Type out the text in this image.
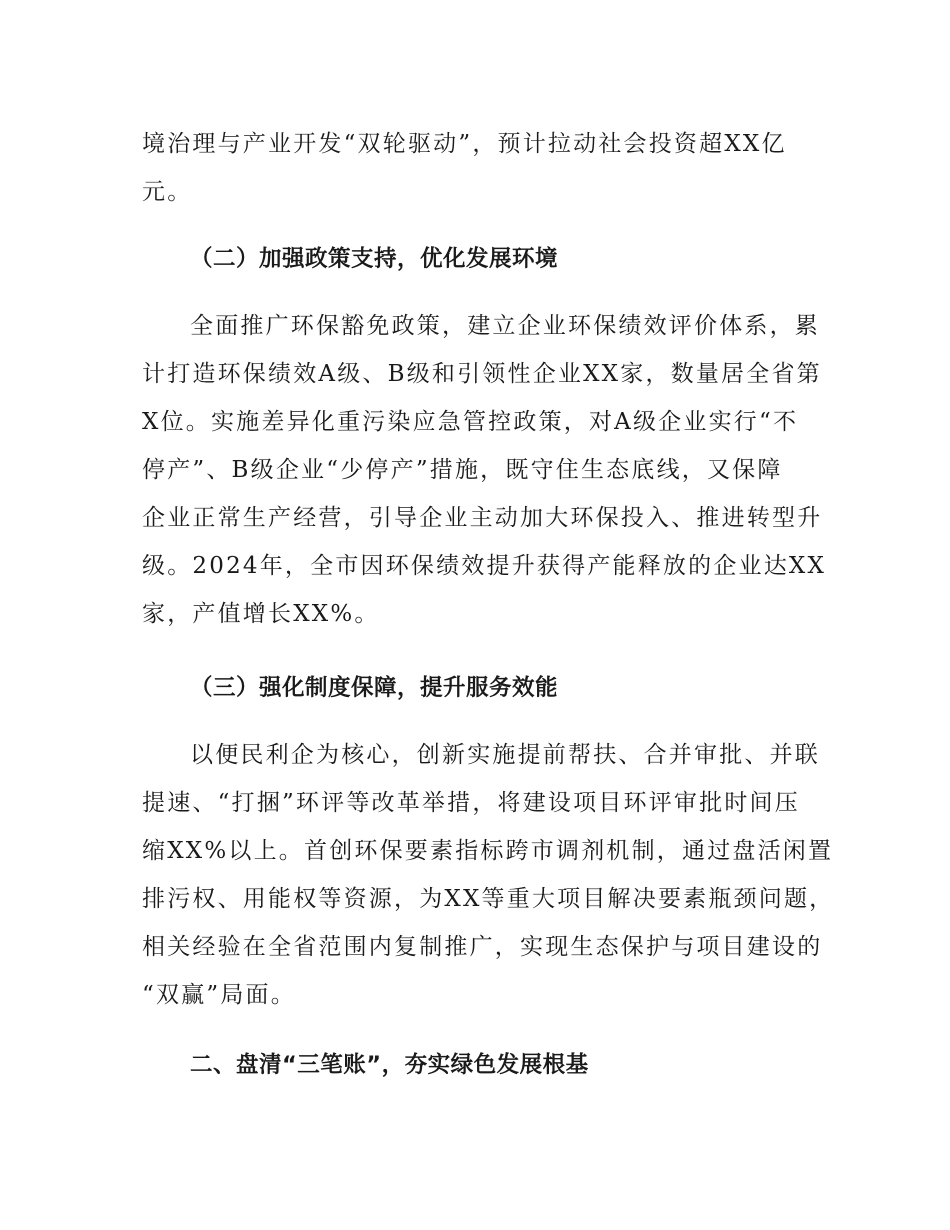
境治理与产业开发“双轮驱动”，预计拉动社会投资超XX亿
元。
（二）加强政策支持，优化发展环境
全面推广环保豁免政策，建立企业环保绩效评价体系，累
计打造环保绩效A级、B级和引领性企业XX家，数量居全省第
X位。实施差异化重污染应急管控政策，对A级企业实行“不
停产”、B级企业“少停产”措施，既守住生态底线，又保障
企业正常生产经营，引导企业主动加大环保投入、推进转型升
级。2024年，全市因环保绩效提升获得产能释放的企业达XX
家，产值增长XX%。
（三）强化制度保障，提升服务效能
以便民利企为核心，创新实施提前帮扶、合并审批、并联
提速、“打捆”环评等改革举措，将建设项目环评审批时间压
缩XX%以上。首创环保要素指标跨市调剂机制，通过盘活闲置
排污权、用能权等资源，为XX等重大项目解决要素瓶颈问题，
相关经验在全省范围内复制推广，实现生态保护与项目建设的
“双赢”局面。
二、盘清“三笔账”，夯实绿色发展根基
